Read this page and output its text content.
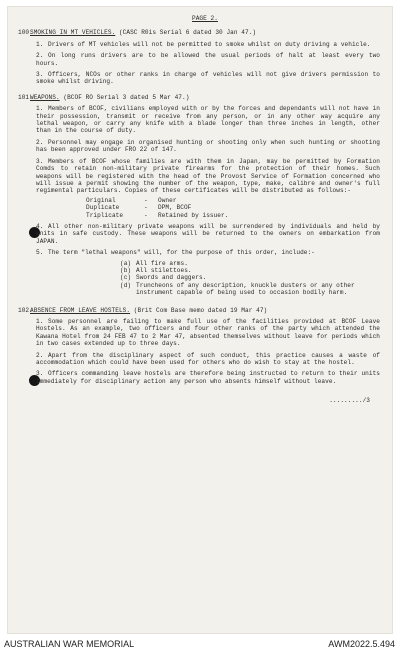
PAGE 2.
100.
SMOKING IN MT VEHICLES. (CASC R0is Serial 6 dated 30 Jan 47.)
1. Drivers of MT vehicles will not be permitted to smoke whilst on duty driving a vehicle.
2. On long runs drivers are to be allowed the usual periods of halt at least every two hours.
3. Officers, NCOs or other ranks in charge of vehicles will not give drivers permission to smoke whilst driving.
101.
WEAPONS. (BCOF RO Serial 3 dated 5 Mar 47.)
1. Members of BCOF, civilians employed with or by the forces and dependants will not have in their possession, transmit or receive from any person, or in any other way acquire any lethal weapon, or carry any knife with a blade longer than three inches in length, other than in the course of duty.
2. Personnel may engage in organised hunting or shooting only when such hunting or shooting has been approved under FRO 22 of 147.
3. Members of BCOF whose families are with them in Japan, may be permitted by Formation Comds to retain non-military private firearms for the protection of their homes. Such weapons will be registered with the head of the Provost Service of Formation concerned who will issue a permit showing the number of the weapon, type, make, calibre and owner's full regimental particulars. Copies of these certificates will be distributed as follows:-
Original	-	Owner
Duplicate	-	DPM, BCOF
Triplicate	-	Retained by issuer.
4. All other non-military private weapons will be surrendered by individuals and held by units in safe custody. These weapons will be returned to the owners on embarkation from JAPAN.
5. The term "lethal weapons" will, for the purpose of this order, include:-
(a) All fire arms.
(b) All stilettoes.
(c) Swords and daggers.
(d) Truncheons of any description, knuckle dusters or any other instrument capable of being used to occasion bodily harm.
102.
ABSENCE FROM LEAVE HOSTELS. (Brit Com Base memo dated 19 Mar 47)
1. Some personnel are failing to make full use of the facilities provided at BCOF Leave Hostels. As an example, two officers and four other ranks of the party which attended the Kawana Hotel from 24 FEB 47 to 2 Mar 47, absented themselves without leave for periods which in two cases extended up to three days.
2. Apart from the disciplinary aspect of such conduct, this practice causes a waste of accommodation which could have been used for others who do wish to stay at the hostel.
3. Officers commanding leave hostels are therefore being instructed to return to their units immediately for disciplinary action any person who absents himself without leave.
........./3
AUSTRALIAN WAR MEMORIAL	AWM2022.5.494
